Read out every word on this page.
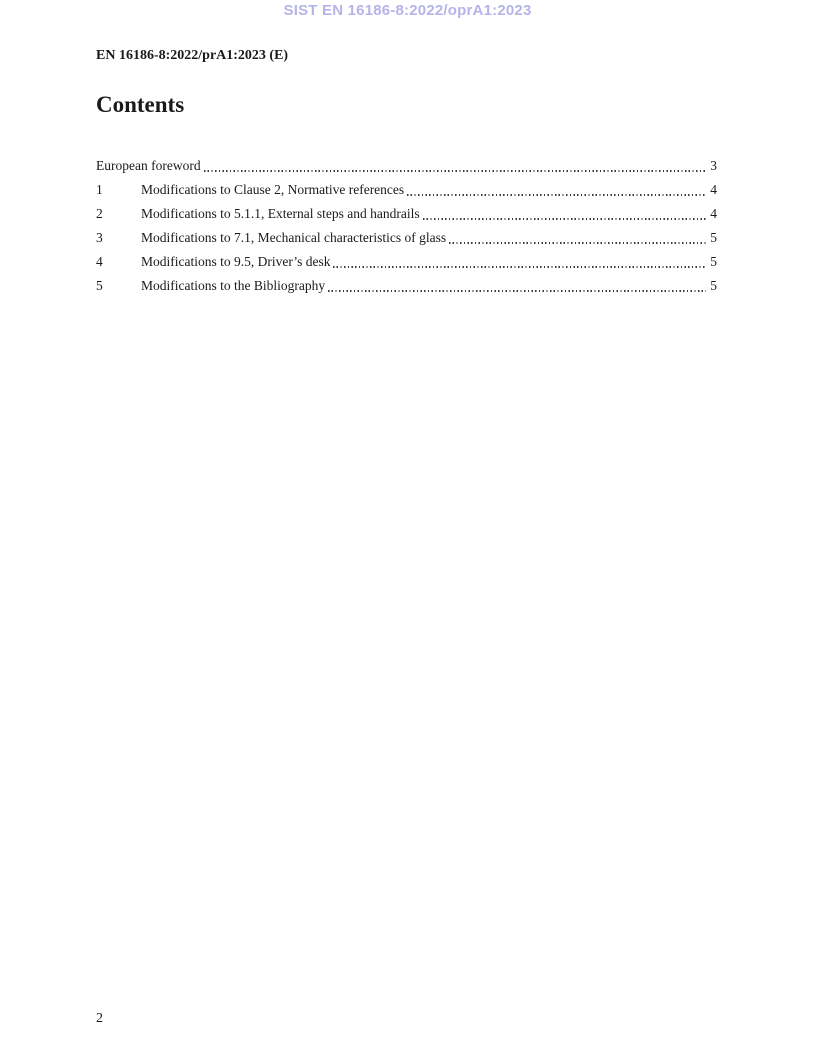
SIST EN 16186-8:2022/oprA1:2023
EN 16186-8:2022/prA1:2023 (E)
Contents
European foreword	3
1	Modifications to Clause 2, Normative references	4
2	Modifications to 5.1.1, External steps and handrails	4
3	Modifications to 7.1, Mechanical characteristics of glass	5
4	Modifications to 9.5, Driver’s desk	5
5	Modifications to the Bibliography	5
2
